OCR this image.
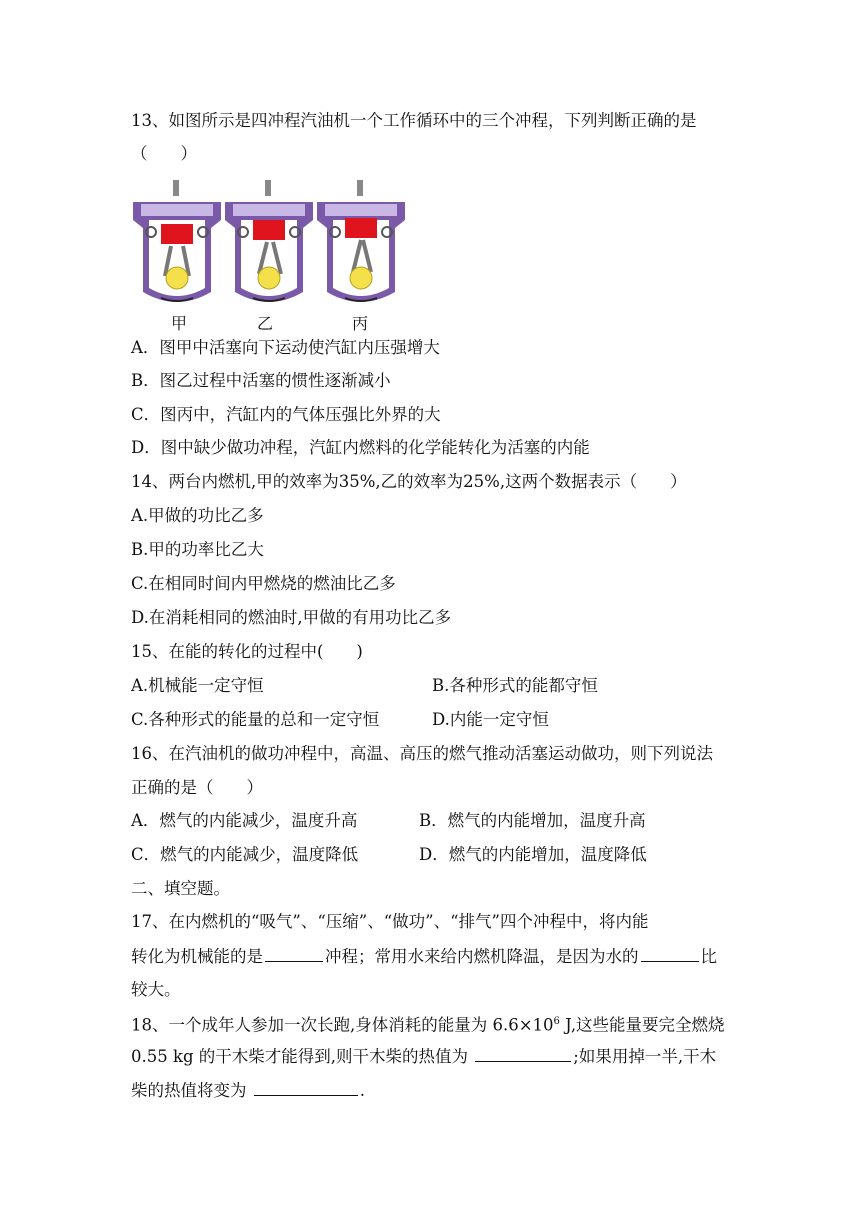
13、如图所示是四冲程汽油机一个工作循环中的三个冲程，下列判断正确的是
（　　）
甲	乙	丙
A．图甲中活塞向下运动使汽缸内压强增大
B．图乙过程中活塞的惯性逐渐减小
C．图丙中，汽缸内的气体压强比外界的大
D．图中缺少做功冲程，汽缸内燃料的化学能转化为活塞的内能
14、两台内燃机,甲的效率为35%,乙的效率为25%,这两个数据表示（　　）
A.甲做的功比乙多
B.甲的功率比乙大
C.在相同时间内甲燃烧的燃油比乙多
D.在消耗相同的燃油时,甲做的有用功比乙多
15、在能的转化的过程中(　　)
A.机械能一定守恒	B.各种形式的能都守恒
C.各种形式的能量的总和一定守恒	D.内能一定守恒
16、在汽油机的做功冲程中，高温、高压的燃气推动活塞运动做功，则下列说法
正确的是（　　）
A．燃气的内能减少，温度升高	B．燃气的内能增加，温度升高
C．燃气的内能减少，温度降低	D．燃气的内能增加，温度降低
二、填空题。
17、在内燃机的“吸气”、“压缩”、“做功”、“排气”四个冲程中，将内能
转化为机械能的是	冲程；常用水来给内燃机降温，是因为水的	比
较大。
18、一个成年人参加一次长跑,身体消耗的能量为 $6.6\times 10^6$ J,这些能量要完全燃烧
0.55 kg 的干木柴才能得到,则干木柴的热值为	;如果用掉一半,干木
柴的热值将变为	.
